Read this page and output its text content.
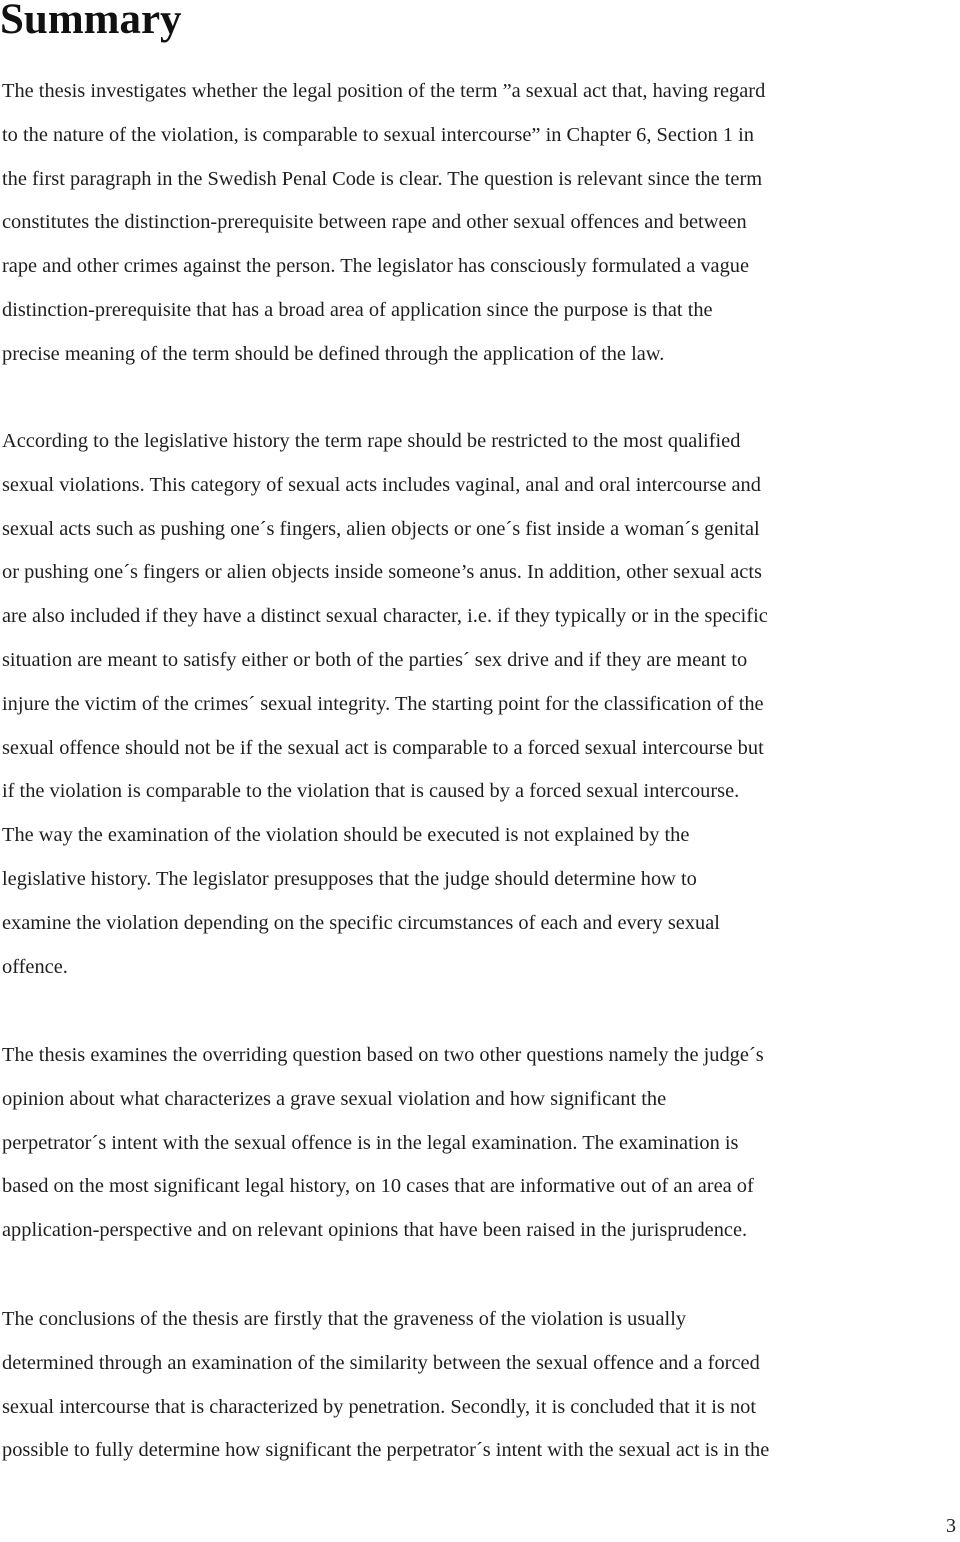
Summary

The thesis investigates whether the legal position of the term ”a sexual act that, having regard
to the nature of the violation, is comparable to sexual intercourse” in Chapter 6, Section 1 in
the first paragraph in the Swedish Penal Code is clear. The question is relevant since the term
constitutes the distinction-prerequisite between rape and other sexual offences and between
rape and other crimes against the person. The legislator has consciously formulated a vague
distinction-prerequisite that has a broad area of application since the purpose is that the
precise meaning of the term should be defined through the application of the law.

According to the legislative history the term rape should be restricted to the most qualified
sexual violations. This category of sexual acts includes vaginal, anal and oral intercourse and
sexual acts such as pushing one´s fingers, alien objects or one´s fist inside a woman´s genital
or pushing one´s fingers or alien objects inside someone’s anus. In addition, other sexual acts
are also included if they have a distinct sexual character, i.e. if they typically or in the specific
situation are meant to satisfy either or both of the parties´ sex drive and if they are meant to
injure the victim of the crimes´ sexual integrity. The starting point for the classification of the
sexual offence should not be if the sexual act is comparable to a forced sexual intercourse but
if the violation is comparable to the violation that is caused by a forced sexual intercourse.
The way the examination of the violation should be executed is not explained by the
legislative history. The legislator presupposes that the judge should determine how to
examine the violation depending on the specific circumstances of each and every sexual
offence.

The thesis examines the overriding question based on two other questions namely the judge´s
opinion about what characterizes a grave sexual violation and how significant the
perpetrator´s intent with the sexual offence is in the legal examination. The examination is
based on the most significant legal history, on 10 cases that are informative out of an area of
application-perspective and on relevant opinions that have been raised in the jurisprudence.

The conclusions of the thesis are firstly that the graveness of the violation is usually
determined through an examination of the similarity between the sexual offence and a forced
sexual intercourse that is characterized by penetration. Secondly, it is concluded that it is not
possible to fully determine how significant the perpetrator´s intent with the sexual act is in the

3
